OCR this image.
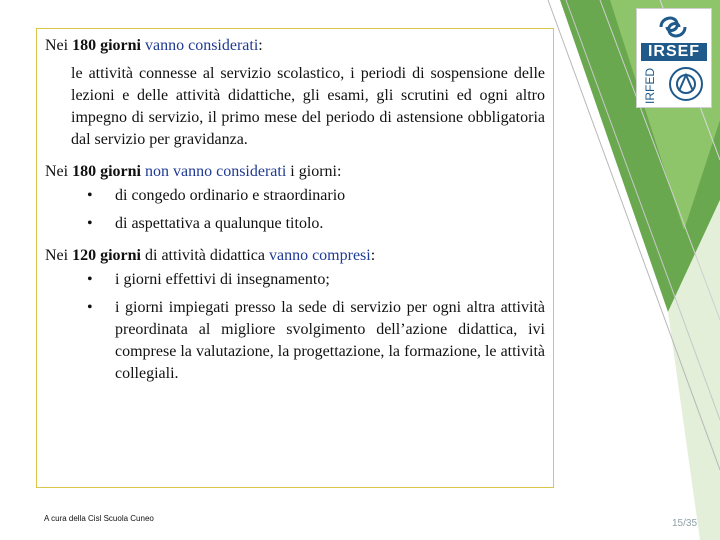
IRSEF
IRFED

Nei 180 giorni vanno considerati:

le attività connesse al servizio scolastico, i periodi di sospensione delle lezioni e delle attività didattiche, gli esami, gli scrutini ed ogni altro impegno di servizio, il primo mese del periodo di astensione obbligatoria dal servizio per gravidanza.

Nei 180 giorni non vanno considerati i giorni:

• di congedo ordinario e straordinario
• di aspettativa a qualunque titolo.

Nei 120 giorni di attività didattica vanno compresi:

• i giorni effettivi di insegnamento;
• i giorni impiegati presso la sede di servizio per ogni altra attività preordinata al migliore svolgimento dell’azione didattica, ivi comprese la valutazione, la progettazione, la formazione, le attività collegiali.
A cura della Cisl Scuola Cuneo	15/35
